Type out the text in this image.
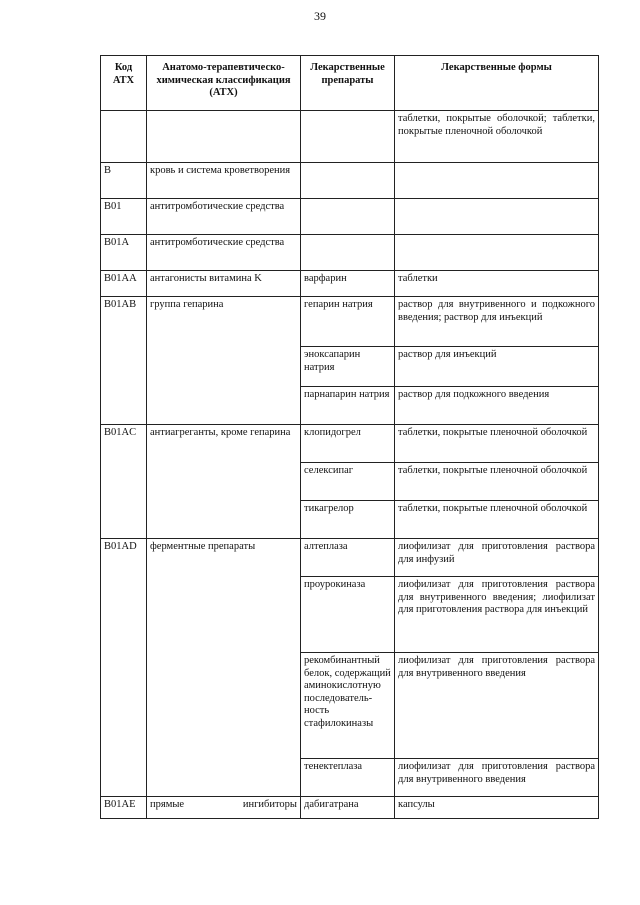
39
Код АТХ	Анатомо-терапевтическо-химическая классификация (АТХ)	Лекарственные препараты	Лекарственные формы
			таблетки, покрытые оболочкой; таблетки, покрытые пленочной оболочкой
B	кровь и система кроветворения		
B01	антитромботические средства		
B01A	антитромботические средства		
B01AA	антагонисты витамина K	варфарин	таблетки
B01AB	группа гепарина	гепарин натрия	раствор для внутривенного и подкожного введения; раствор для инъекций
		эноксапарин натрия	раствор для инъекций
		парнапарин натрия	раствор для подкожного введения
B01AC	антиагреганты, кроме гепарина	клопидогрел	таблетки, покрытые пленочной оболочкой
		селексипаг	таблетки, покрытые пленочной оболочкой
		тикагрелор	таблетки, покрытые пленочной оболочкой
B01AD	ферментные препараты	алтеплаза	лиофилизат для приготовления раствора для инфузий
		проурокиназа	лиофилизат для приготовления раствора для внутривенного введения; лиофилизат для приготовления раствора для инъекций
		рекомбинантный белок, содержащий аминокислотную последователь-ность стафилокиназы	лиофилизат для приготовления раствора для внутривенного введения
		тенектеплаза	лиофилизат для приготовления раствора для внутривенного введения
B01AE	прямые ингибиторы	дабигатрана	капсулы
